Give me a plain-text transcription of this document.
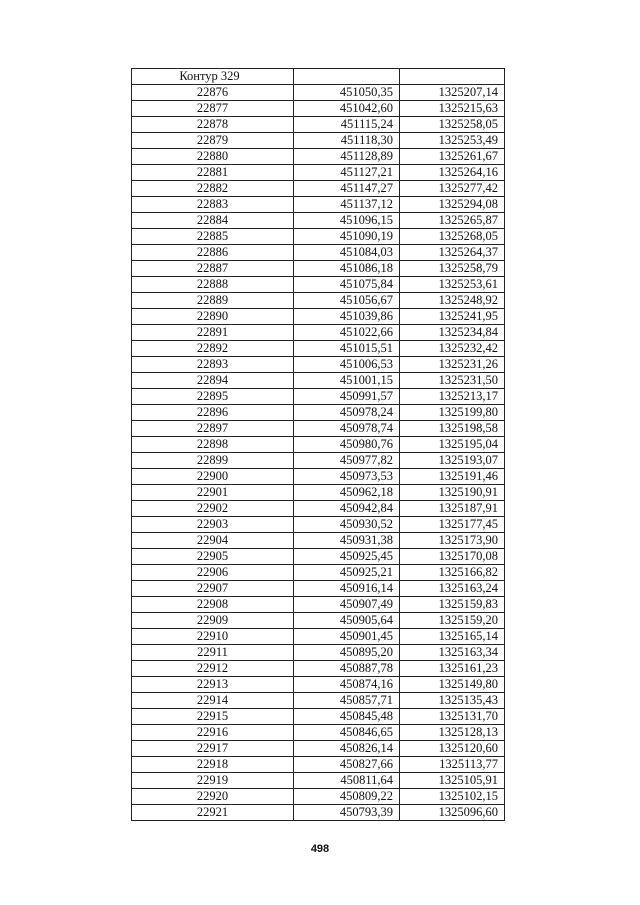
Контур 329		
22876	451050,35	1325207,14
22877	451042,60	1325215,63
22878	451115,24	1325258,05
22879	451118,30	1325253,49
22880	451128,89	1325261,67
22881	451127,21	1325264,16
22882	451147,27	1325277,42
22883	451137,12	1325294,08
22884	451096,15	1325265,87
22885	451090,19	1325268,05
22886	451084,03	1325264,37
22887	451086,18	1325258,79
22888	451075,84	1325253,61
22889	451056,67	1325248,92
22890	451039,86	1325241,95
22891	451022,66	1325234,84
22892	451015,51	1325232,42
22893	451006,53	1325231,26
22894	451001,15	1325231,50
22895	450991,57	1325213,17
22896	450978,24	1325199,80
22897	450978,74	1325198,58
22898	450980,76	1325195,04
22899	450977,82	1325193,07
22900	450973,53	1325191,46
22901	450962,18	1325190,91
22902	450942,84	1325187,91
22903	450930,52	1325177,45
22904	450931,38	1325173,90
22905	450925,45	1325170,08
22906	450925,21	1325166,82
22907	450916,14	1325163,24
22908	450907,49	1325159,83
22909	450905,64	1325159,20
22910	450901,45	1325165,14
22911	450895,20	1325163,34
22912	450887,78	1325161,23
22913	450874,16	1325149,80
22914	450857,71	1325135,43
22915	450845,48	1325131,70
22916	450846,65	1325128,13
22917	450826,14	1325120,60
22918	450827,66	1325113,77
22919	450811,64	1325105,91
22920	450809,22	1325102,15
22921	450793,39	1325096,60
498
